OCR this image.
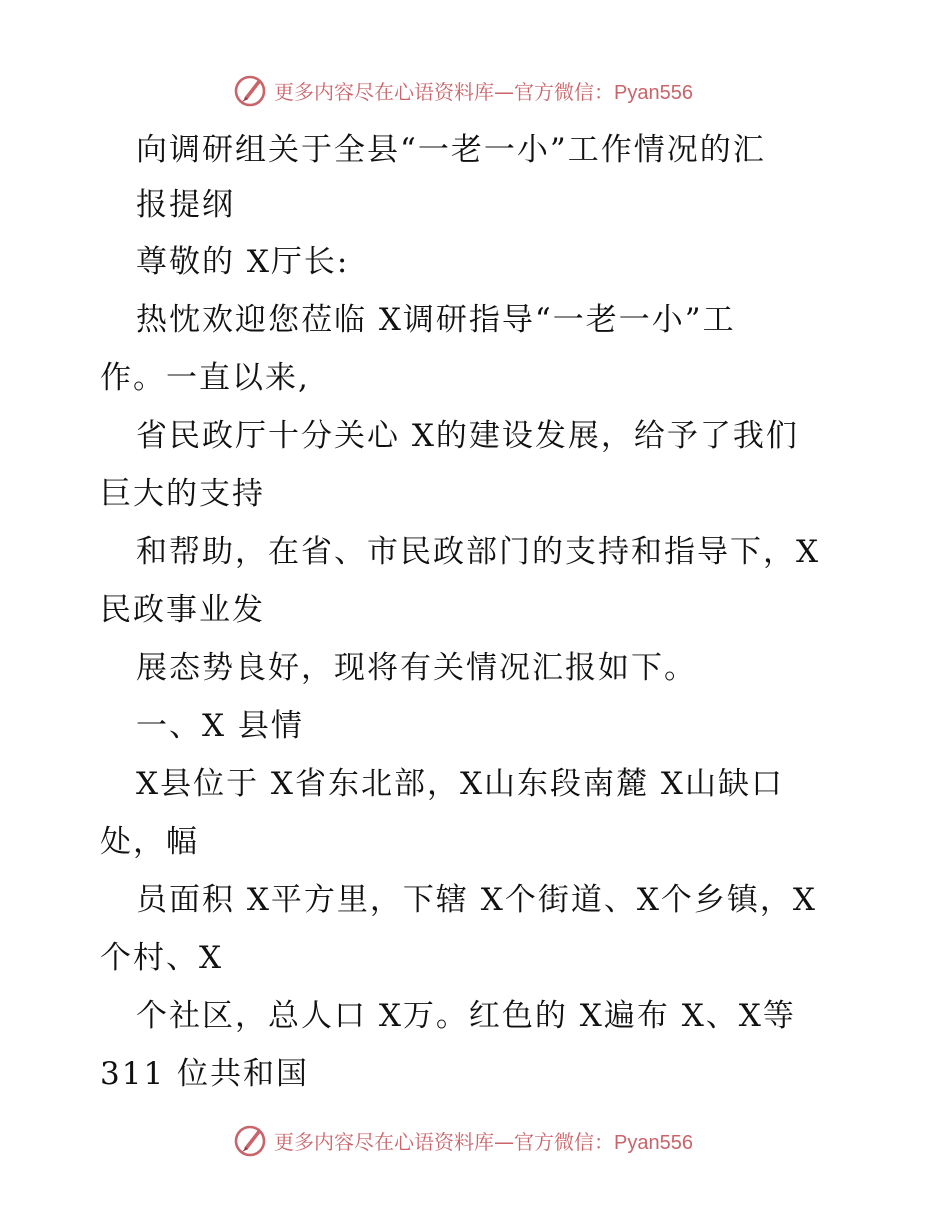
更多内容尽在心语资料库—官方微信：Pyan556
向调研组关于全县“一老一小”工作情况的汇
报提纲
尊敬的 X厅长:
热忱欢迎您莅临 X调研指导“一老一小”工
作。一直以来,
省民政厅十分关心 X的建设发展，给予了我们
巨大的支持
和帮助，在省、市民政部门的支持和指导下，X
民政事业发
展态势良好，现将有关情况汇报如下。
一、X 县情
X县位于 X省东北部，X山东段南麓 X山缺口
处，幅
员面积 X平方里，下辖 X个街道、X个乡镇，X
个村、X
个社区，总人口 X万。红色的 X遍布 X、X等
311 位共和国
更多内容尽在心语资料库—官方微信：Pyan556
